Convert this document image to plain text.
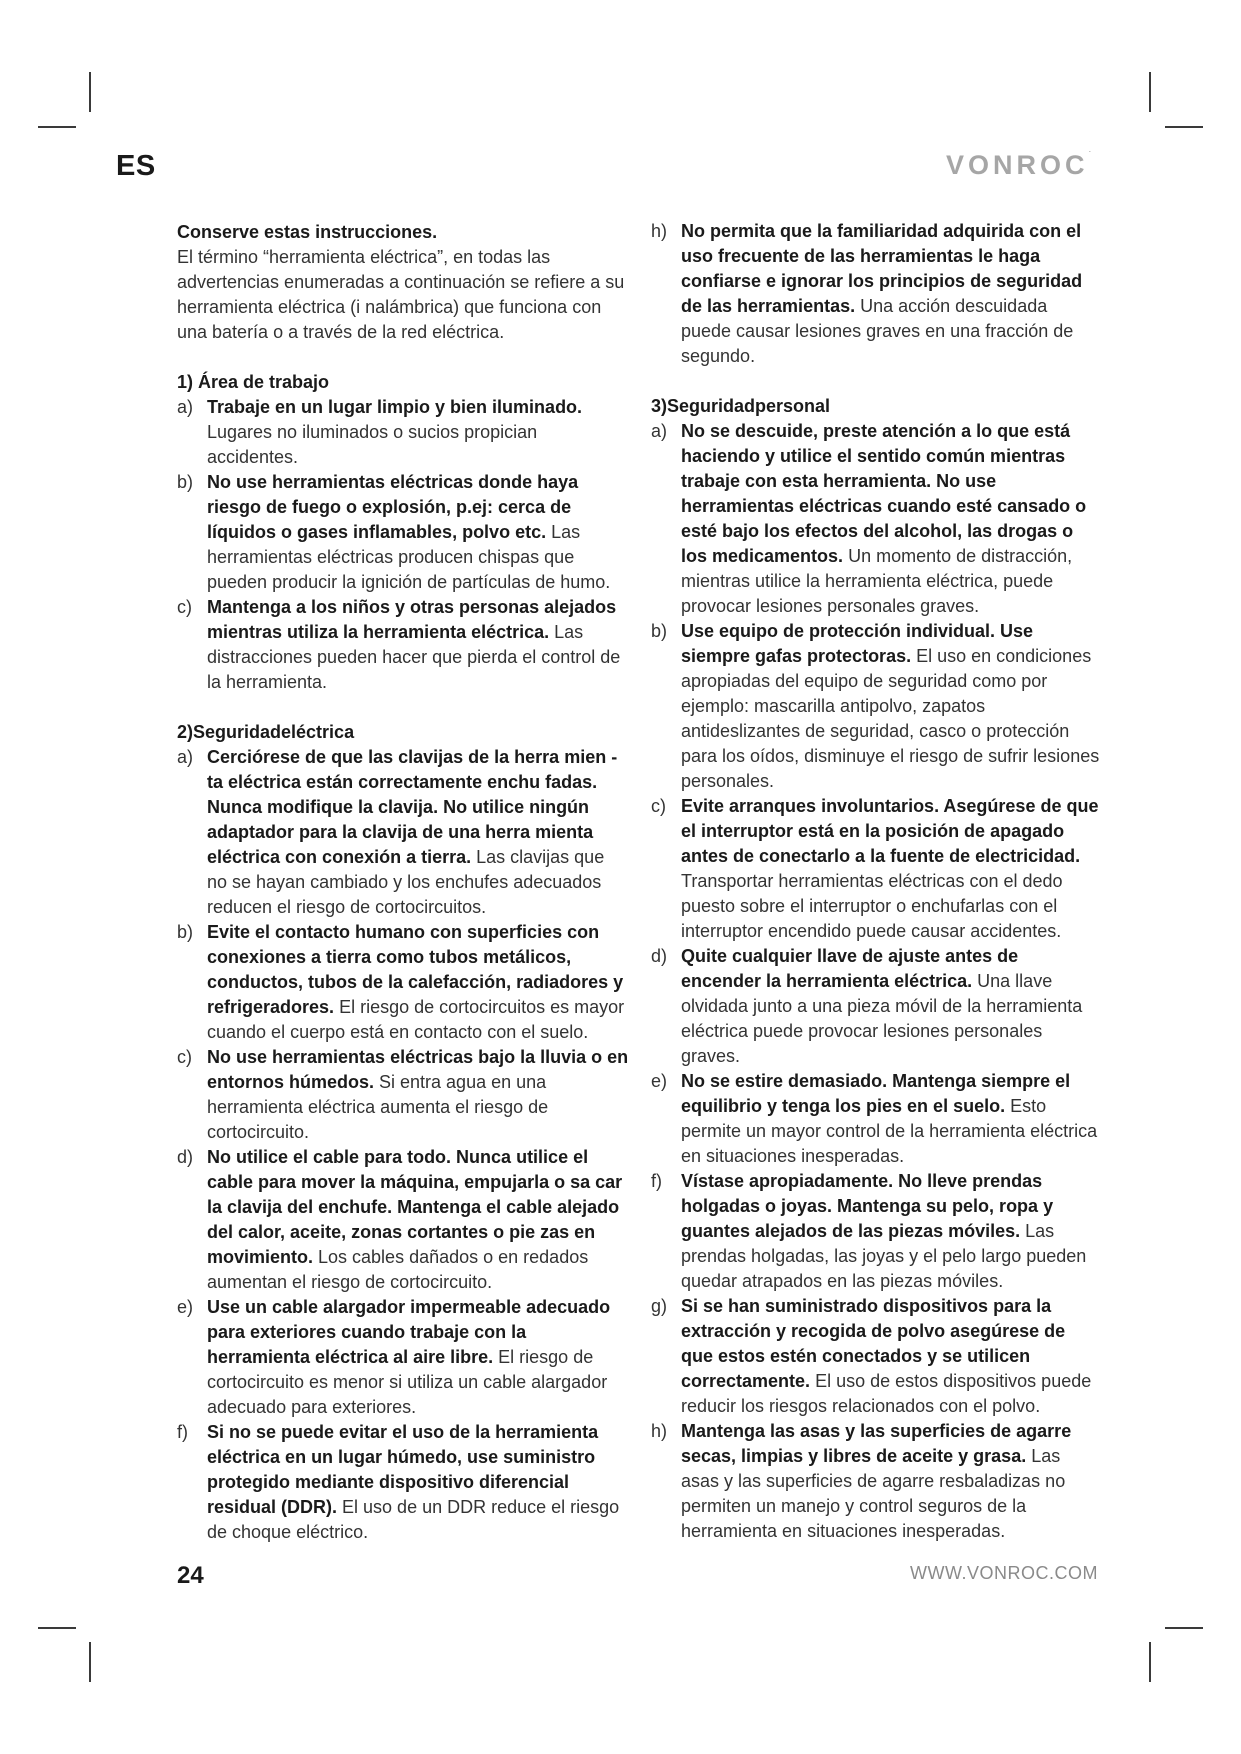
ES	VONROC˙
Conserve estas instrucciones.

El término “herramienta eléctrica”, en todas las advertencias enumeradas a continuación se refiere a su herramienta eléctrica (i nalámbrica) que funciona con una batería o a través de la red eléctrica.

1) Área de trabajo
a) Trabaje en un lugar limpio y bien iluminado. Lugares no iluminados o sucios propician accidentes.
b) No use herramientas eléctricas donde haya riesgo de fuego o explosión, p.ej: cerca de líquidos o gases inflamables, polvo etc. Las herramientas eléctricas producen chispas que pueden producir la ignición de partículas de humo.
c) Mantenga a los niños y otras personas alejados mientras utiliza la herramienta eléctrica. Las distracciones pueden hacer que pierda el control de la herramienta.
2)Seguridadeléctrica
a) Cerciórese de que las clavijas de la herra mien - ta eléctrica están correctamente enchu fadas. Nunca modifique la clavija. No utilice ningún adaptador para la clavija de una herra mienta eléctrica con conexión a tierra. Las clavijas que no se hayan cambiado y los enchufes adecuados reducen el riesgo de cortocircuitos.
b) Evite el contacto humano con superficies con conexiones a tierra como tubos metálicos, conductos, tubos de la calefacción, radiadores y refrigeradores. El riesgo de cortocircuitos es mayor cuando el cuerpo está en contacto con el suelo.
c) No use herramientas eléctricas bajo la lluvia o en entornos húmedos. Si entra agua en una herramienta eléctrica aumenta el riesgo de cortocircuito.
d) No utilice el cable para todo. Nunca utilice el cable para mover la máquina, empujarla o sa car la clavija del enchufe. Mantenga el cable alejado del calor, aceite, zonas cortantes o pie zas en movimiento. Los cables dañados o en redados aumentan el riesgo de cortocircuito.
e) Use un cable alargador impermeable adecuado para exteriores cuando trabaje con la herramienta eléctrica al aire libre. El riesgo de cortocircuito es menor si utiliza un cable alargador adecuado para exteriores.
f) Si no se puede evitar el uso de la herramienta eléctrica en un lugar húmedo, use suministro protegido mediante dispositivo diferencial residual (DDR). El uso de un DDR reduce el riesgo de choque eléctrico.
h) No permita que la familiaridad adquirida con el uso frecuente de las herramientas le haga confiarse e ignorar los principios de seguridad de las herramientas. Una acción descuidada puede causar lesiones graves en una fracción de segundo.
3)Seguridadpersonal
a) No se descuide, preste atención a lo que está haciendo y utilice el sentido común mientras trabaje con esta herramienta. No use herramientas eléctricas cuando esté cansado o esté bajo los efectos del alcohol, las drogas o los medicamentos. Un momento de distracción, mientras utilice la herramienta eléctrica, puede provocar lesiones personales graves.
b) Use equipo de protección individual. Use siempre gafas protectoras. El uso en condiciones apropiadas del equipo de seguridad como por ejemplo: mascarilla antipolvo, zapatos antideslizantes de seguridad, casco o protección para los oídos, disminuye el riesgo de sufrir lesiones personales.
c) Evite arranques involuntarios. Asegúrese de que el interruptor está en la posición de apagado antes de conectarlo a la fuente de electricidad. Transportar herramientas eléctricas con el dedo puesto sobre el interruptor o enchufarlas con el interruptor encendido puede causar accidentes.
d) Quite cualquier llave de ajuste antes de encender la herramienta eléctrica. Una llave olvidada junto a una pieza móvil de la herramienta eléctrica puede provocar lesiones personales graves.
e) No se estire demasiado. Mantenga siempre el equilibrio y tenga los pies en el suelo. Esto permite un mayor control de la herramienta eléctrica en situaciones inesperadas.
f) Vístase apropiadamente. No lleve prendas holgadas o joyas. Mantenga su pelo, ropa y guantes alejados de las piezas móviles. Las prendas holgadas, las joyas y el pelo largo pueden quedar atrapados en las piezas móviles.
g) Si se han suministrado dispositivos para la extracción y recogida de polvo asegúrese de que estos estén conectados y se utilicen correctamente. El uso de estos dispositivos puede reducir los riesgos relacionados con el polvo.
h) Mantenga las asas y las superficies de agarre secas, limpias y libres de aceite y grasa. Las asas y las superficies de agarre resbaladizas no permiten un manejo y control seguros de la herramienta en situaciones inesperadas.
24	WWW.VONROC.COM
